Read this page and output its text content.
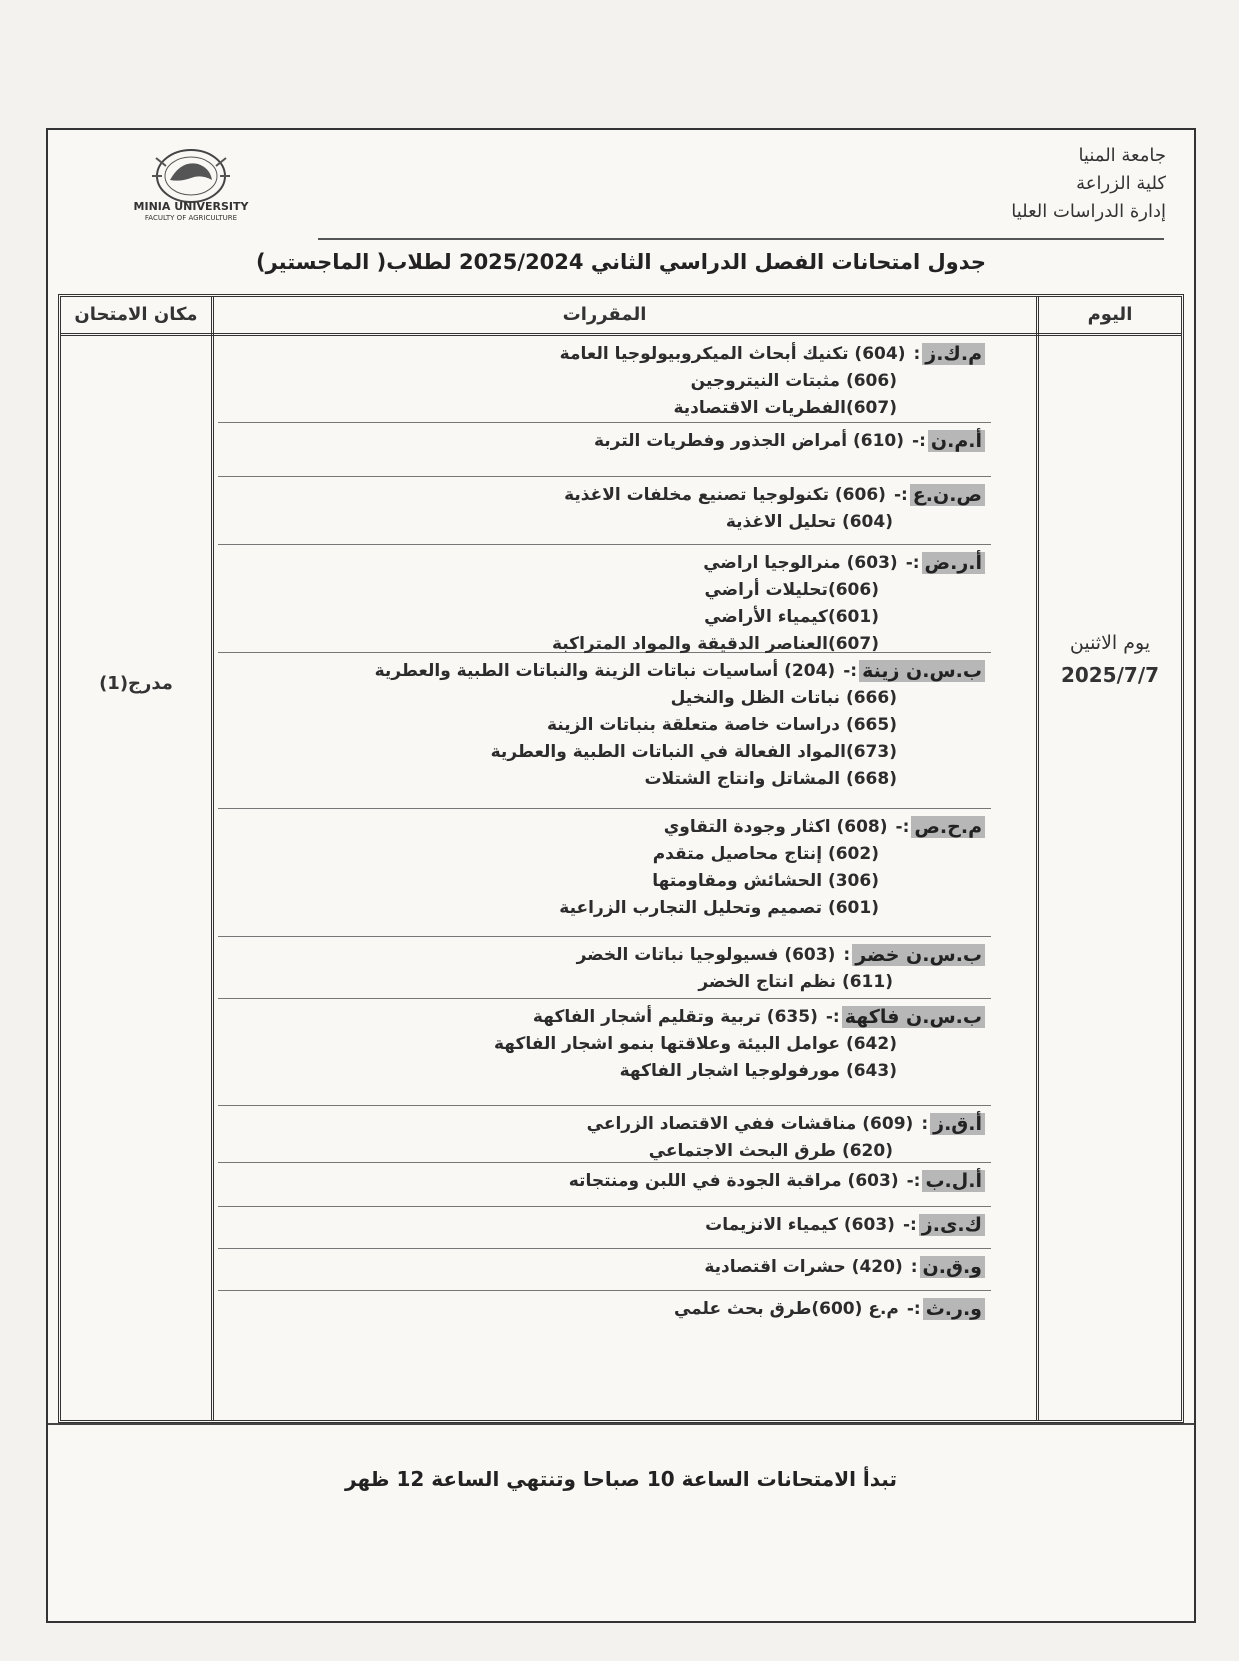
جامعة المنيا
كلية الزراعة
إدارة الدراسات العليا
MINIA UNIVERSITY
FACULTY OF AGRICULTURE
جدول امتحانات الفصل الدراسي الثاني 2025/2024 لطلاب( الماجستير)
اليوم
المقررات
مكان الامتحان
يوم الاثنين
2025/7/7
مدرج(1)
م.ك.ز
:
(604) تكنيك أبحاث الميكروبيولوجيا العامة
(606) مثبتات النيتروجين
(607)الفطريات الاقتصادية
أ.م.ن
:-
(610) أمراض الجذور وفطريات التربة
ص.ن.ع
:-
(606) تكنولوجيا تصنيع مخلفات الاغذية
(604) تحليل الاغذية
أ.ر.ض
:-
(603) منرالوجيا اراضي
(606)تحليلات أراضي
(601)كيمياء الأراضي
(607)العناصر الدقيقة والمواد المتراكبة
ب.س.ن زينة
:-
(204) أساسيات نباتات الزينة والنباتات الطبية والعطرية
(666) نباتات الظل والنخيل
(665) دراسات خاصة متعلقة بنباتات الزينة
(673)المواد الفعالة في النباتات الطبية والعطرية
(668) المشاتل وانتاج الشتلات
م.ح.ص
:-
(608) اكثار وجودة التقاوي
(602) إنتاج محاصيل متقدم
(306) الحشائش ومقاومتها
(601) تصميم وتحليل التجارب الزراعية
ب.س.ن خضر
:
(603) فسيولوجيا نباتات الخضر
(611) نظم انتاج الخضر
ب.س.ن فاكهة
:-
(635) تربية وتقليم أشجار الفاكهة
(642) عوامل البيئة وعلاقتها بنمو اشجار الفاكهة
(643) مورفولوجيا اشجار الفاكهة
أ.ق.ز
:
(609) مناقشات ففي الاقتصاد الزراعي
(620) طرق البحث الاجتماعي
أ.ل.ب
:-
(603) مراقبة الجودة في اللبن ومنتجاته
ك.ى.ز
:-
(603) كيمياء الانزيمات
و.ق.ن
:
(420) حشرات اقتصادية
و.ر.ث
:-
م.ع (600)طرق بحث علمي
تبدأ الامتحانات الساعة 10 صباحا وتنتهي الساعة 12 ظهر
